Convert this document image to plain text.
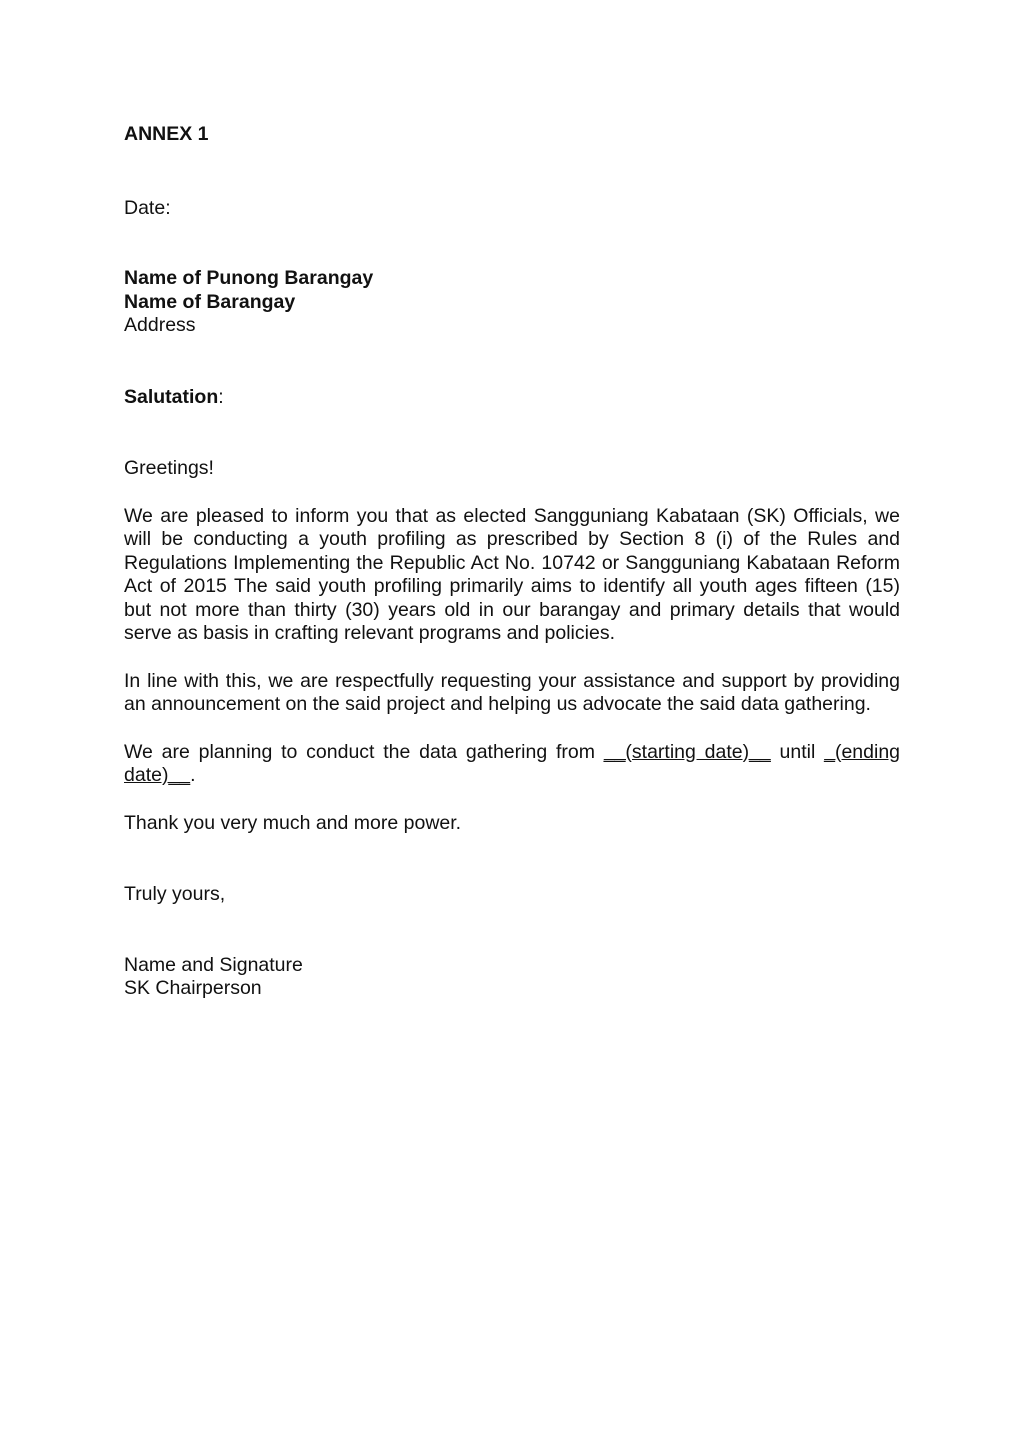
ANNEX 1

Date:

Name of Punong Barangay
Name of Barangay
Address

Salutation:

Greetings!

We are pleased to inform you that as elected Sangguniang Kabataan (SK) Officials, we will be conducting a youth profiling as prescribed by Section 8 (i) of the Rules and Regulations Implementing the Republic Act No. 10742 or Sangguniang Kabataan Reform Act of 2015 The said youth profiling primarily aims to identify all youth ages fifteen (15) but not more than thirty (30) years old in our barangay and primary details that would serve as basis in crafting relevant programs and policies.

In line with this, we are respectfully requesting your assistance and support by providing an announcement on the said project and helping us advocate the said data gathering.

We are planning to conduct the data gathering from __(starting date)__ until _(ending date)__.

Thank you very much and more power.

Truly yours,

Name and Signature
SK Chairperson
